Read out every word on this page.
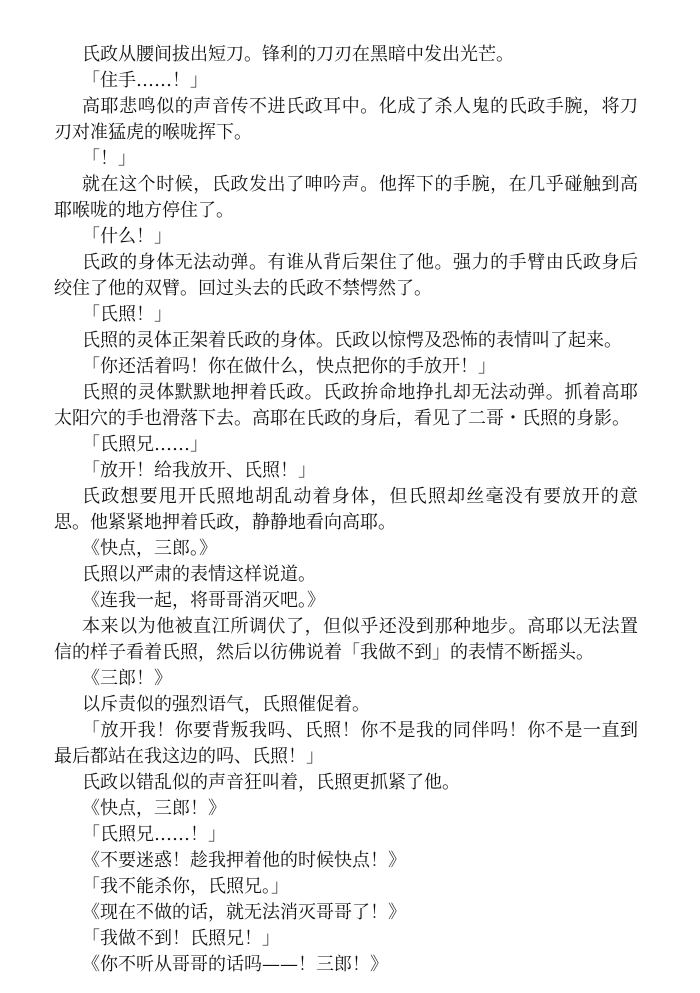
氏政从腰间拔出短刀。锋利的刀刃在黑暗中发出光芒。

「住手……！」

高耶悲鸣似的声音传不进氏政耳中。化成了杀人鬼的氏政手腕，将刀刃对准猛虎的喉咙挥下。

「！」

就在这个时候，氏政发出了呻吟声。他挥下的手腕，在几乎碰触到高耶喉咙的地方停住了。

「什么！」

氏政的身体无法动弹。有谁从背后架住了他。强力的手臂由氏政身后绞住了他的双臂。回过头去的氏政不禁愕然了。

「氏照！」

氏照的灵体正架着氏政的身体。氏政以惊愕及恐怖的表情叫了起来。

「你还活着吗！你在做什么，快点把你的手放开！」

氏照的灵体默默地押着氏政。氏政拚命地挣扎却无法动弹。抓着高耶太阳穴的手也滑落下去。高耶在氏政的身后，看见了二哥・氏照的身影。

「氏照兄……」

「放开！给我放开、氏照！」

氏政想要甩开氏照地胡乱动着身体，但氏照却丝毫没有要放开的意思。他紧紧地押着氏政，静静地看向高耶。

《快点，三郎。》

氏照以严肃的表情这样说道。

《连我一起，将哥哥消灭吧。》

本来以为他被直江所调伏了，但似乎还没到那种地步。高耶以无法置信的样子看着氏照，然后以彷佛说着「我做不到」的表情不断摇头。

《三郎！》

以斥责似的强烈语气，氏照催促着。

「放开我！你要背叛我吗、氏照！你不是我的同伴吗！你不是一直到最后都站在我这边的吗、氏照！」

氏政以错乱似的声音狂叫着，氏照更抓紧了他。

《快点，三郎！》

「氏照兄……！」

《不要迷惑！趁我押着他的时候快点！》

「我不能杀你，氏照兄。」

《现在不做的话，就无法消灭哥哥了！》

「我做不到！氏照兄！」

《你不听从哥哥的话吗——！三郎！》
